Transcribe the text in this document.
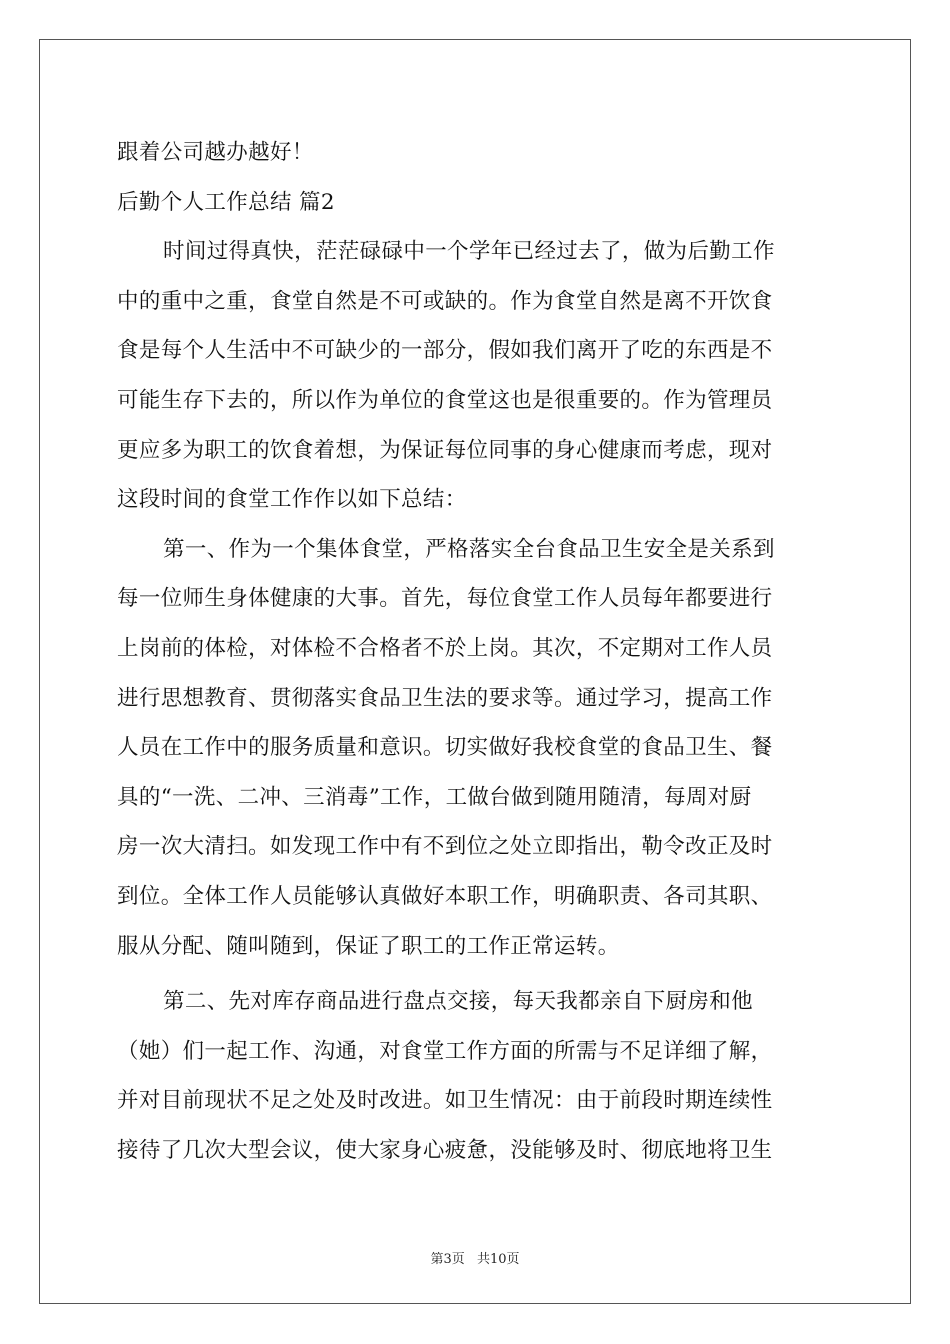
跟着公司越办越好！
后勤个人工作总结 篇2
时间过得真快，茫茫碌碌中一个学年已经过去了，做为后勤工作
中的重中之重，食堂自然是不可或缺的。作为食堂自然是离不开饮食
食是每个人生活中不可缺少的一部分，假如我们离开了吃的东西是不
可能生存下去的，所以作为单位的食堂这也是很重要的。作为管理员
更应多为职工的饮食着想，为保证每位同事的身心健康而考虑，现对
这段时间的食堂工作作以如下总结：
第一、作为一个集体食堂，严格落实全台食品卫生安全是关系到
每一位师生身体健康的大事。首先，每位食堂工作人员每年都要进行
上岗前的体检，对体检不合格者不於上岗。其次，不定期对工作人员
进行思想教育、贯彻落实食品卫生法的要求等。通过学习，提高工作
人员在工作中的服务质量和意识。切实做好我校食堂的食品卫生、餐
具的“一洗、二冲、三消毒”工作，工做台做到随用随清，每周对厨
房一次大清扫。如发现工作中有不到位之处立即指出，勒令改正及时
到位。全体工作人员能够认真做好本职工作，明确职责、各司其职、
服从分配、随叫随到，保证了职工的工作正常运转。
第二、先对库存商品进行盘点交接，每天我都亲自下厨房和他
（她）们一起工作、沟通，对食堂工作方面的所需与不足详细了解，
并对目前现状不足之处及时改进。如卫生情况：由于前段时期连续性
接待了几次大型会议，使大家身心疲惫，没能够及时、彻底地将卫生
第3页 共10页
